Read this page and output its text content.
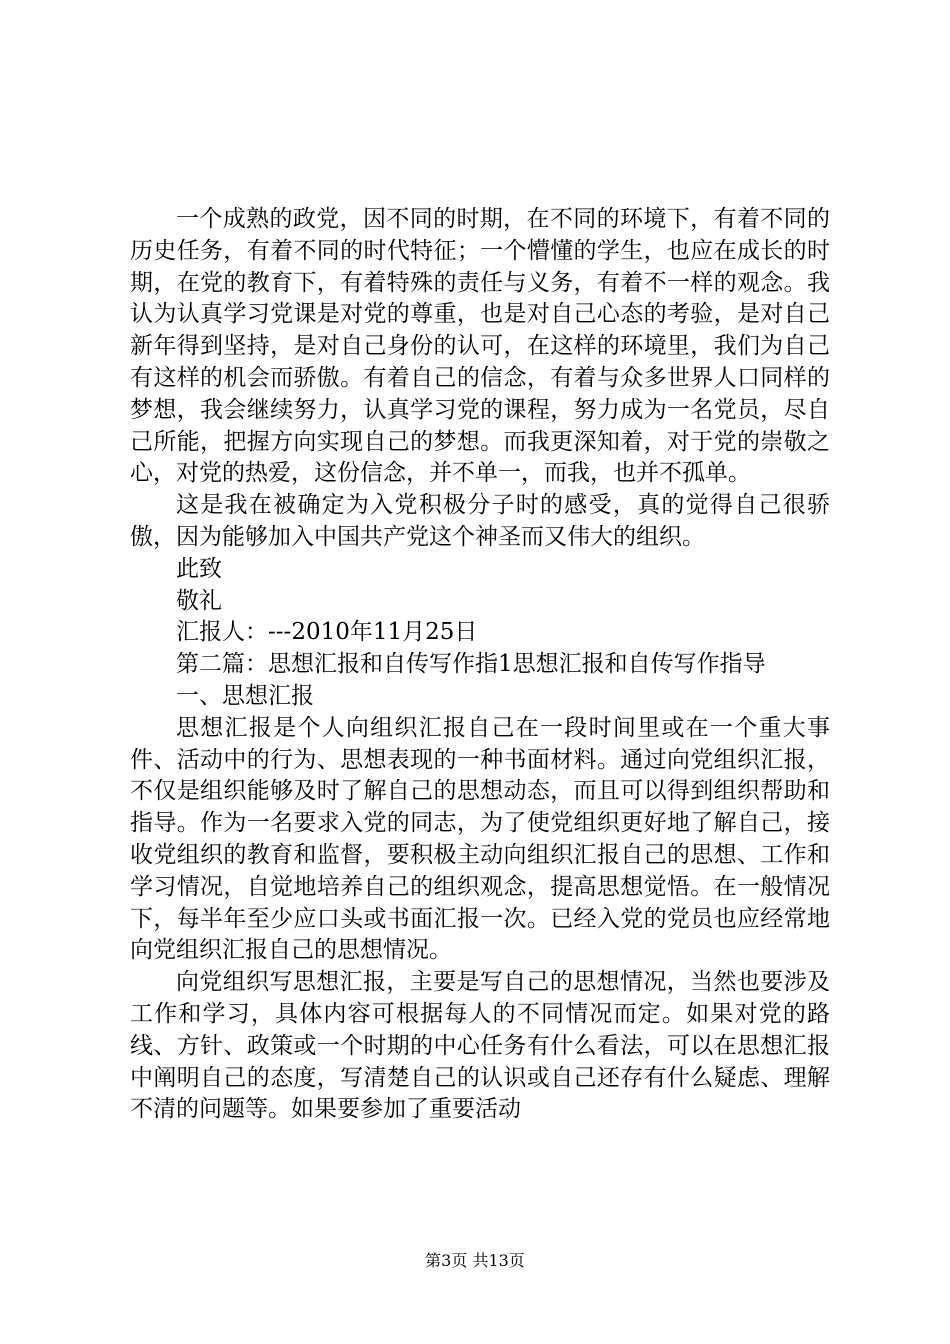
一个成熟的政党，因不同的时期，在不同的环境下，有着不同的历史任务，有着不同的时代特征；一个懵懂的学生，也应在成长的时期，在党的教育下，有着特殊的责任与义务，有着不一样的观念。我认为认真学习党课是对党的尊重，也是对自己心态的考验，是对自己新年得到坚持，是对自己身份的认可，在这样的环境里，我们为自己有这样的机会而骄傲。有着自己的信念，有着与众多世界人口同样的梦想，我会继续努力，认真学习党的课程，努力成为一名党员，尽自己所能，把握方向实现自己的梦想。而我更深知着，对于党的崇敬之心，对党的热爱，这份信念，并不单一，而我，也并不孤单。

这是我在被确定为入党积极分子时的感受，真的觉得自己很骄傲，因为能够加入中国共产党这个神圣而又伟大的组织。

此致

敬礼

汇报人：---2010年11月25日

第二篇：思想汇报和自传写作指1思想汇报和自传写作指导

一、思想汇报

思想汇报是个人向组织汇报自己在一段时间里或在一个重大事件、活动中的行为、思想表现的一种书面材料。通过向党组织汇报，不仅是组织能够及时了解自己的思想动态，而且可以得到组织帮助和指导。作为一名要求入党的同志，为了使党组织更好地了解自己，接收党组织的教育和监督，要积极主动向组织汇报自己的思想、工作和学习情况，自觉地培养自己的组织观念，提高思想觉悟。在一般情况下，每半年至少应口头或书面汇报一次。已经入党的党员也应经常地向党组织汇报自己的思想情况。

向党组织写思想汇报，主要是写自己的思想情况，当然也要涉及工作和学习，具体内容可根据每人的不同情况而定。如果对党的路线、方针、政策或一个时期的中心任务有什么看法，可以在思想汇报中阐明自己的态度，写清楚自己的认识或自己还存有什么疑虑、理解不清的问题等。如果要参加了重要活动

第3页 共13页
